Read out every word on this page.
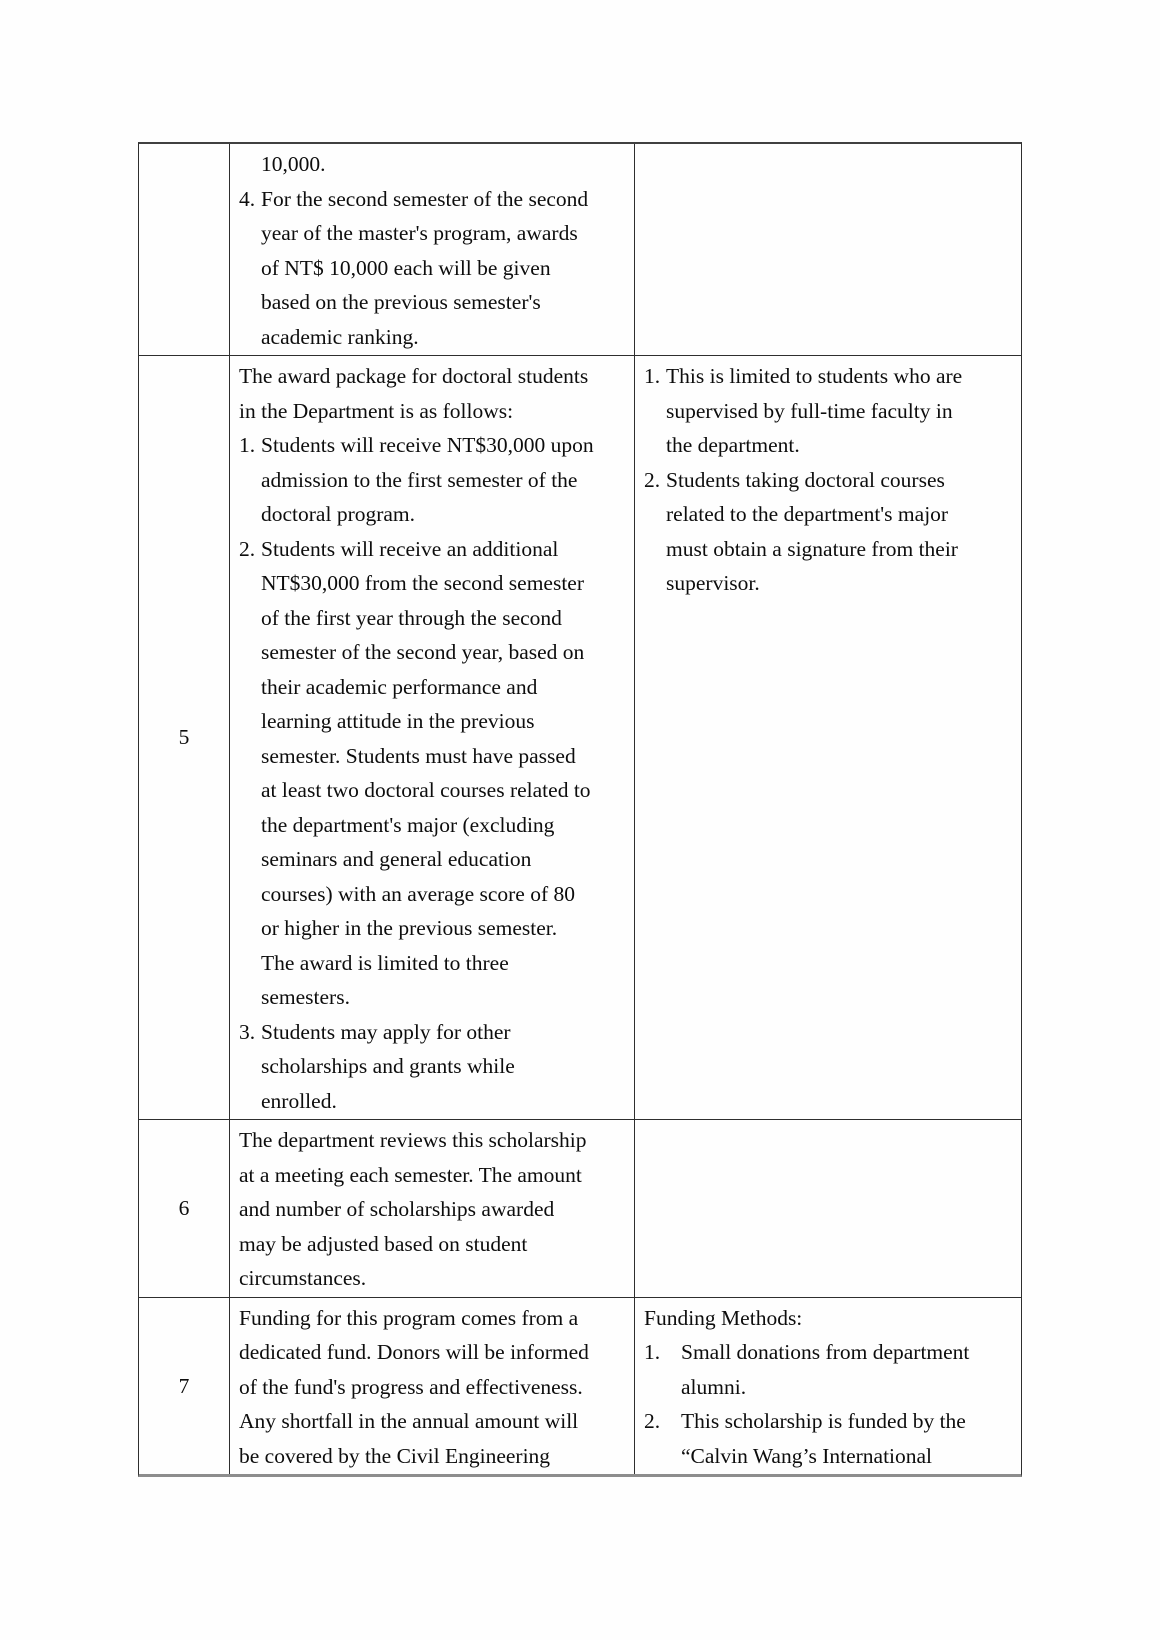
10,000.
4. For the second semester of the second
year of the master's program, awards
of NT$ 10,000 each will be given
based on the previous semester's
academic ranking.
5
The award package for doctoral students
in the Department is as follows:
1. Students will receive NT$30,000 upon
admission to the first semester of the
doctoral program.
2. Students will receive an additional
NT$30,000 from the second semester
of the first year through the second
semester of the second year, based on
their academic performance and
learning attitude in the previous
semester. Students must have passed
at least two doctoral courses related to
the department's major (excluding
seminars and general education
courses) with an average score of 80
or higher in the previous semester.
The award is limited to three
semesters.
3. Students may apply for other
scholarships and grants while
enrolled.
1. This is limited to students who are
supervised by full-time faculty in
the department.
2. Students taking doctoral courses
related to the department's major
must obtain a signature from their
supervisor.
6
The department reviews this scholarship
at a meeting each semester. The amount
and number of scholarships awarded
may be adjusted based on student
circumstances.
7
Funding for this program comes from a
dedicated fund. Donors will be informed
of the fund's progress and effectiveness.
Any shortfall in the annual amount will
be covered by the Civil Engineering
Funding Methods:
1. Small donations from department
alumni.
2. This scholarship is funded by the
“Calvin Wang’s International
